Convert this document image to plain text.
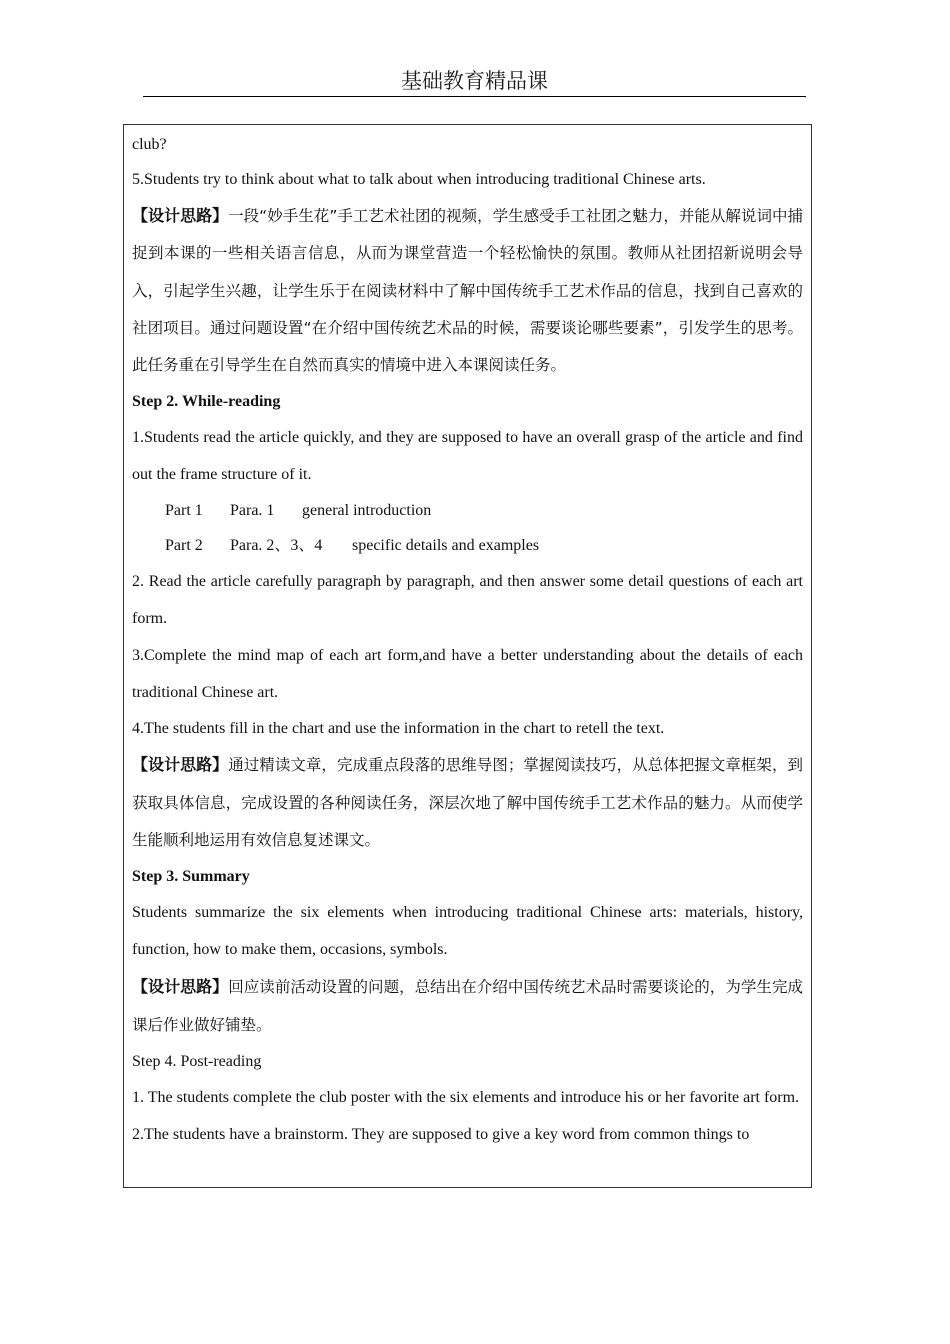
基础教育精品课

club?

5.Students try to think about what to talk about when introducing traditional Chinese arts.

【设计思路】一段“妙手生花”手工艺术社团的视频，学生感受手工社团之魅力，并能从解说词中捕捉到本课的一些相关语言信息，从而为课堂营造一个轻松愉快的氛围。教师从社团招新说明会导入，引起学生兴趣，让学生乐于在阅读材料中了解中国传统手工艺术作品的信息，找到自己喜欢的社团项目。通过问题设置“在介绍中国传统艺术品的时候，需要谈论哪些要素”，引发学生的思考。此任务重在引导学生在自然而真实的情境中进入本课阅读任务。

Step 2. While-reading

1.Students read the article quickly, and they are supposed to have an overall grasp of the article and find out the frame structure of it.

Part 1 Para. 1 general introduction

Part 2 Para. 2、3、4 specific details and examples

2. Read the article carefully paragraph by paragraph, and then answer some detail questions of each art form.

3.Complete the mind map of each art form,and have a better understanding about the details of each traditional Chinese art.

4.The students fill in the chart and use the information in the chart to retell the text.

【设计思路】通过精读文章，完成重点段落的思维导图；掌握阅读技巧，从总体把握文章框架，到获取具体信息，完成设置的各种阅读任务，深层次地了解中国传统手工艺术作品的魅力。从而使学生能顺利地运用有效信息复述课文。

Step 3. Summary

Students summarize the six elements when introducing traditional Chinese arts: materials, history, function, how to make them, occasions, symbols.

【设计思路】回应读前活动设置的问题，总结出在介绍中国传统艺术品时需要谈论的，为学生完成课后作业做好铺垫。

Step 4. Post-reading

1. The students complete the club poster with the six elements and introduce his or her favorite art form.

2.The students have a brainstorm. They are supposed to give a key word from common things to
